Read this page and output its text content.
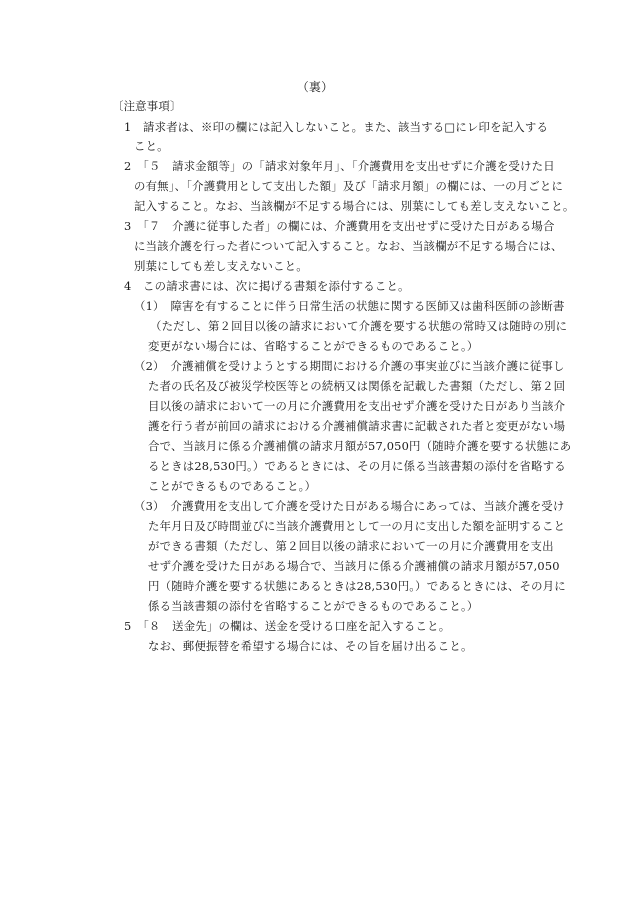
（裏）
〔注意事項〕
1　請求者は、※印の欄には記入しないこと。また、該当する□にレ印を記入する
こと。
2　「５　請求金額等」の「請求対象年月」、「介護費用を支出せずに介護を受けた日
の有無」、「介護費用として支出した額」及び「請求月額」の欄には、一の月ごとに
記入すること。なお、当該欄が不足する場合には、別葉にしても差し支えないこと。
3　「７　介護に従事した者」の欄には、介護費用を支出せずに受けた日がある場合
に当該介護を行った者について記入すること。なお、当該欄が不足する場合には、
別葉にしても差し支えないこと。
4　この請求書には、次に掲げる書類を添付すること。
（1）　障害を有することに伴う日常生活の状態に関する医師又は歯科医師の診断書
（ただし、第２回目以後の請求において介護を要する状態の常時又は随時の別に
変更がない場合には、省略することができるものであること。）
（2）　介護補償を受けようとする期間における介護の事実並びに当該介護に従事し
た者の氏名及び被災学校医等との続柄又は関係を記載した書類（ただし、第２回
目以後の請求において一の月に介護費用を支出せず介護を受けた日があり当該介
護を行う者が前回の請求における介護補償請求書に記載された者と変更がない場
合で、当該月に係る介護補償の請求月額が57,050円（随時介護を要する状態にあ
るときは28,530円。）であるときには、その月に係る当該書類の添付を省略する
ことができるものであること。）
（3）　介護費用を支出して介護を受けた日がある場合にあっては、当該介護を受け
た年月日及び時間並びに当該介護費用として一の月に支出した額を証明すること
ができる書類（ただし、第２回目以後の請求において一の月に介護費用を支出
せず介護を受けた日がある場合で、当該月に係る介護補償の請求月額が57,050
円（随時介護を要する状態にあるときは28,530円。）であるときには、その月に
係る当該書類の添付を省略することができるものであること。）
5　「８　送金先」の欄は、送金を受ける口座を記入すること。
なお、郵便振替を希望する場合には、その旨を届け出ること。
